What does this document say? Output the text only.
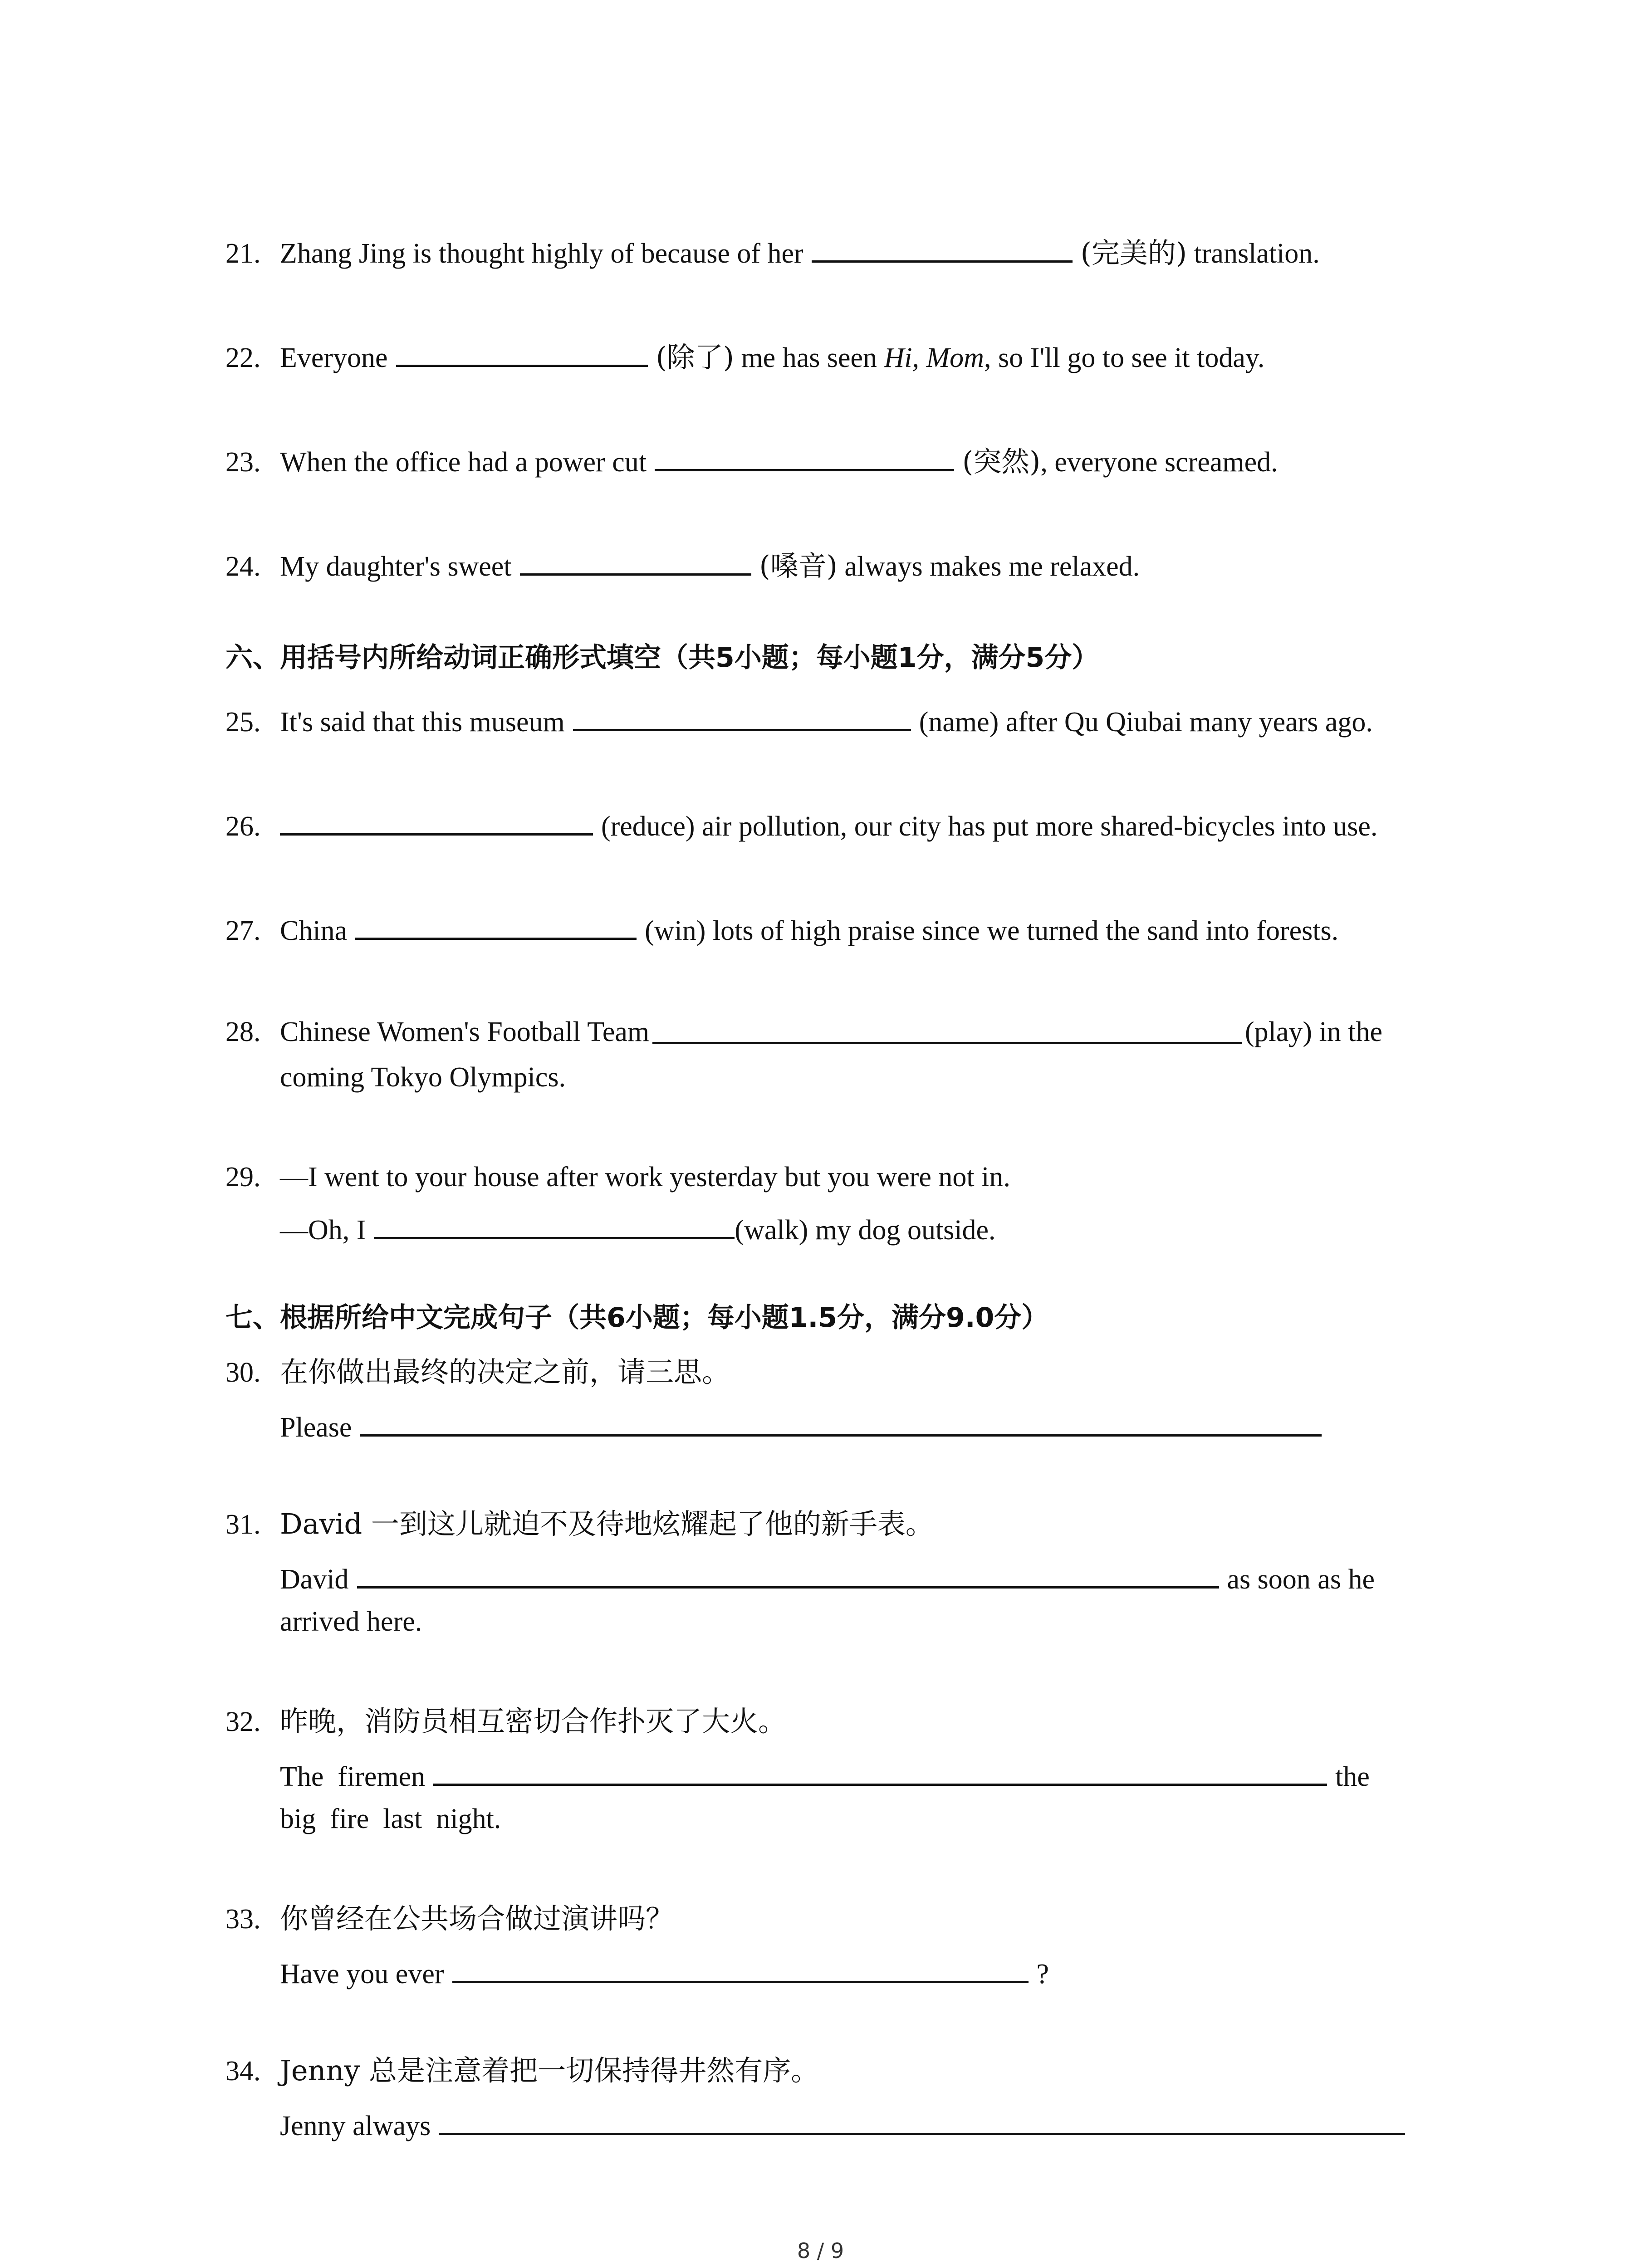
21. Zhang Jing is thought highly of because of her	(完美的) translation.
22. Everyone	(除了) me has seen Hi, Mom, so I'll go to see it today.
23. When the office had a power cut	(突然), everyone screamed.
24. My daughter's sweet	(嗓音) always makes me relaxed.
六、用括号内所给动词正确形式填空（共5小题；每小题1分，满分5分）
25. It's said that this museum	(name) after Qu Qiubai many years ago.
26.	(reduce) air pollution, our city has put more shared-bicycles into use.
27. China	(win) lots of high praise since we turned the sand into forests.
28. Chinese Women's Football Team	(play) in the
coming Tokyo Olympics.
29. —I went to your house after work yesterday but you were not in.
—Oh, I	(walk) my dog outside.
七、根据所给中文完成句子（共6小题；每小题1.5分，满分9.0分）
30. 在你做出最终的决定之前，请三思。
Please
31. David 一到这儿就迫不及待地炫耀起了他的新手表。
David	as soon as he
arrived here.
32. 昨晚，消防员相互密切合作扑灭了大火。
The  firemen	the
big  fire  last  night.
33. 你曾经在公共场合做过演讲吗？
Have you ever	?
34. Jenny 总是注意着把一切保持得井然有序。
Jenny always
8 / 9
